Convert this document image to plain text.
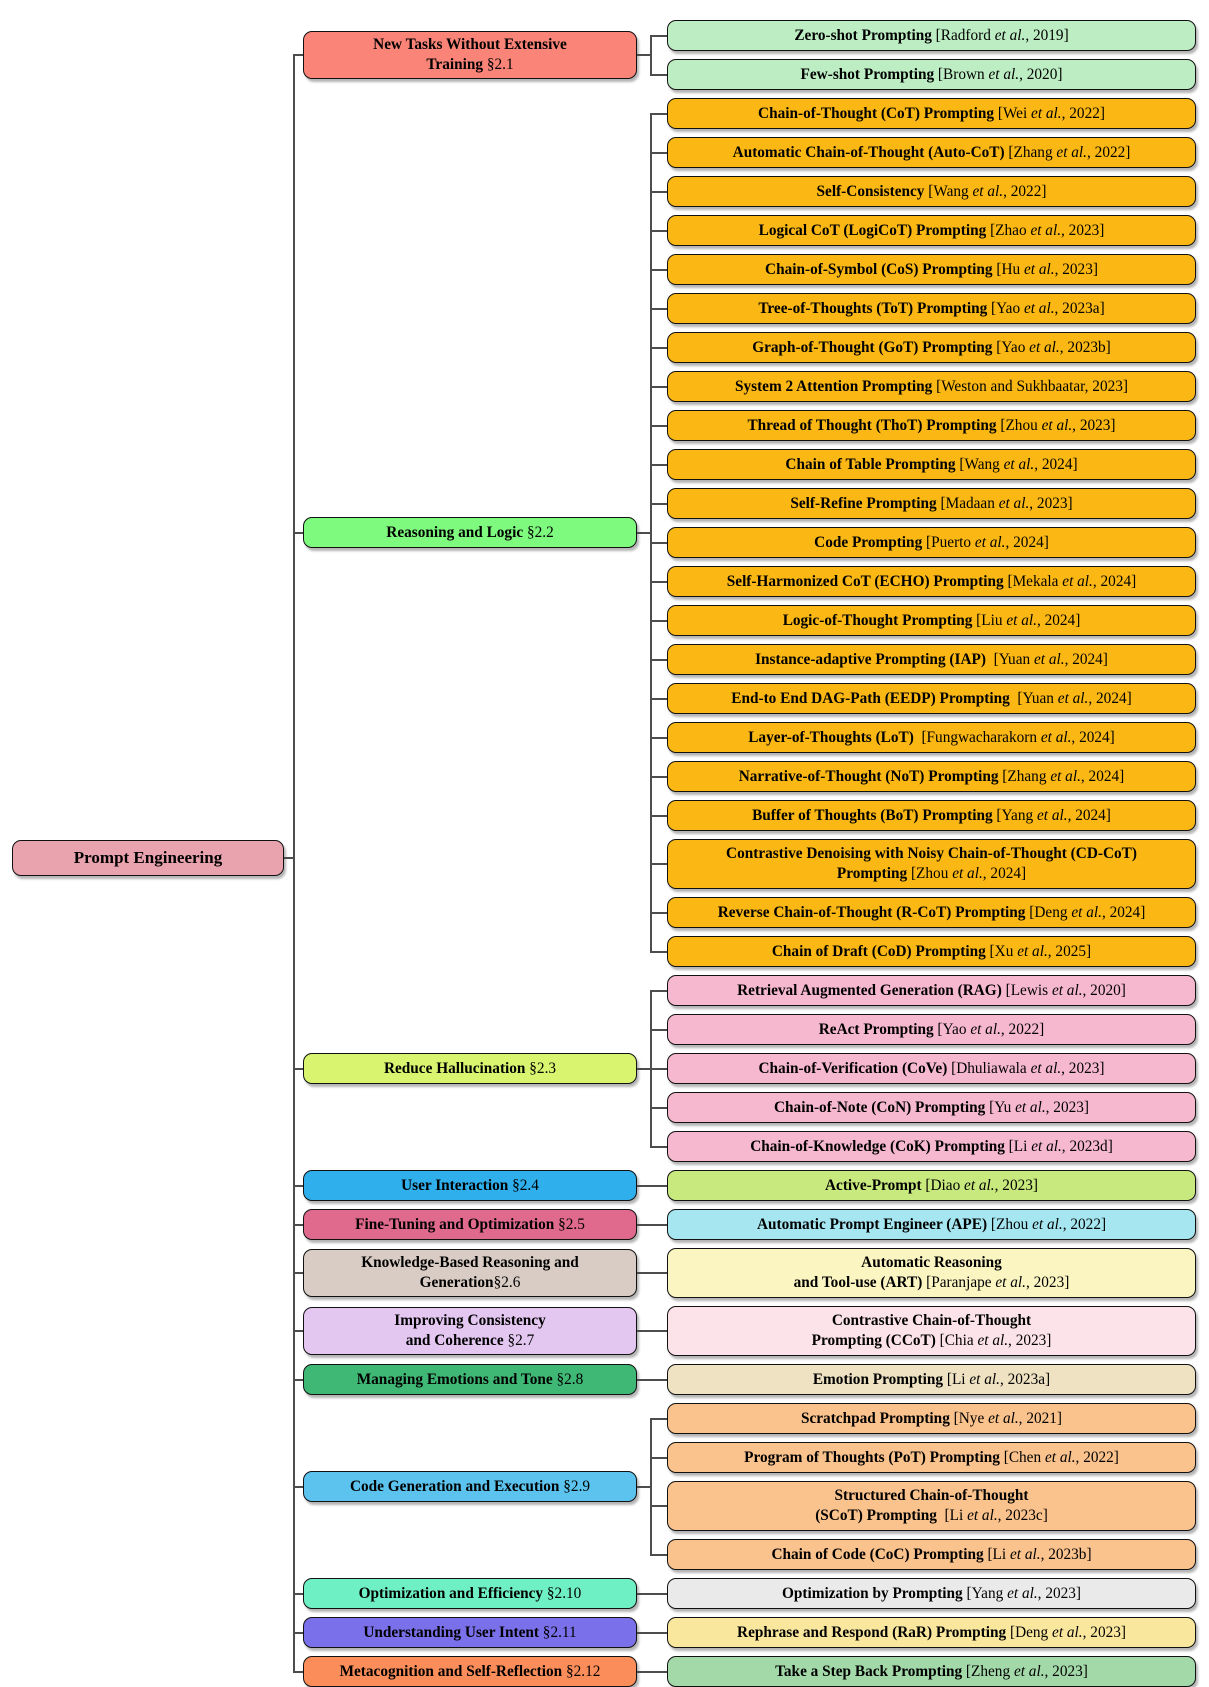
Prompt Engineering
Zero-shot Prompting [Radford et al., 2019]
Few-shot Prompting [Brown et al., 2020]
New Tasks Without Extensive
Training §2.1
Chain-of-Thought (CoT) Prompting [Wei et al., 2022]
Automatic Chain-of-Thought (Auto-CoT) [Zhang et al., 2022]
Self-Consistency [Wang et al., 2022]
Logical CoT (LogiCoT) Prompting [Zhao et al., 2023]
Chain-of-Symbol (CoS) Prompting [Hu et al., 2023]
Tree-of-Thoughts (ToT) Prompting [Yao et al., 2023a]
Graph-of-Thought (GoT) Prompting [Yao et al., 2023b]
System 2 Attention Prompting [Weston and Sukhbaatar, 2023]
Thread of Thought (ThoT) Prompting [Zhou et al., 2023]
Chain of Table Prompting [Wang et al., 2024]
Self-Refine Prompting [Madaan et al., 2023]
Code Prompting [Puerto et al., 2024]
Self-Harmonized CoT (ECHO) Prompting [Mekala et al., 2024]
Logic-of-Thought Prompting [Liu et al., 2024]
Instance-adaptive Prompting (IAP)  [Yuan et al., 2024]
End-to End DAG-Path (EEDP) Prompting  [Yuan et al., 2024]
Layer-of-Thoughts (LoT)  [Fungwacharakorn et al., 2024]
Narrative-of-Thought (NoT) Prompting [Zhang et al., 2024]
Buffer of Thoughts (BoT) Prompting [Yang et al., 2024]
Contrastive Denoising with Noisy Chain-of-Thought (CD-CoT)
Prompting [Zhou et al., 2024]
Reverse Chain-of-Thought (R-CoT) Prompting [Deng et al., 2024]
Chain of Draft (CoD) Prompting [Xu et al., 2025]
Reasoning and Logic §2.2
Retrieval Augmented Generation (RAG) [Lewis et al., 2020]
ReAct Prompting [Yao et al., 2022]
Chain-of-Verification (CoVe) [Dhuliawala et al., 2023]
Chain-of-Note (CoN) Prompting [Yu et al., 2023]
Chain-of-Knowledge (CoK) Prompting [Li et al., 2023d]
Reduce Hallucination §2.3
Active-Prompt [Diao et al., 2023]
User Interaction §2.4
Automatic Prompt Engineer (APE) [Zhou et al., 2022]
Fine-Tuning and Optimization §2.5
Automatic Reasoning
and Tool-use (ART) [Paranjape et al., 2023]
Knowledge-Based Reasoning and
Generation§2.6
Contrastive Chain-of-Thought
Prompting (CCoT) [Chia et al., 2023]
Improving Consistency
and Coherence §2.7
Emotion Prompting [Li et al., 2023a]
Managing Emotions and Tone §2.8
Scratchpad Prompting [Nye et al., 2021]
Program of Thoughts (PoT) Prompting [Chen et al., 2022]
Structured Chain-of-Thought
(SCoT) Prompting  [Li et al., 2023c]
Chain of Code (CoC) Prompting [Li et al., 2023b]
Code Generation and Execution §2.9
Optimization by Prompting [Yang et al., 2023]
Optimization and Efficiency §2.10
Rephrase and Respond (RaR) Prompting [Deng et al., 2023]
Understanding User Intent §2.11
Take a Step Back Prompting [Zheng et al., 2023]
Metacognition and Self-Reflection §2.12
